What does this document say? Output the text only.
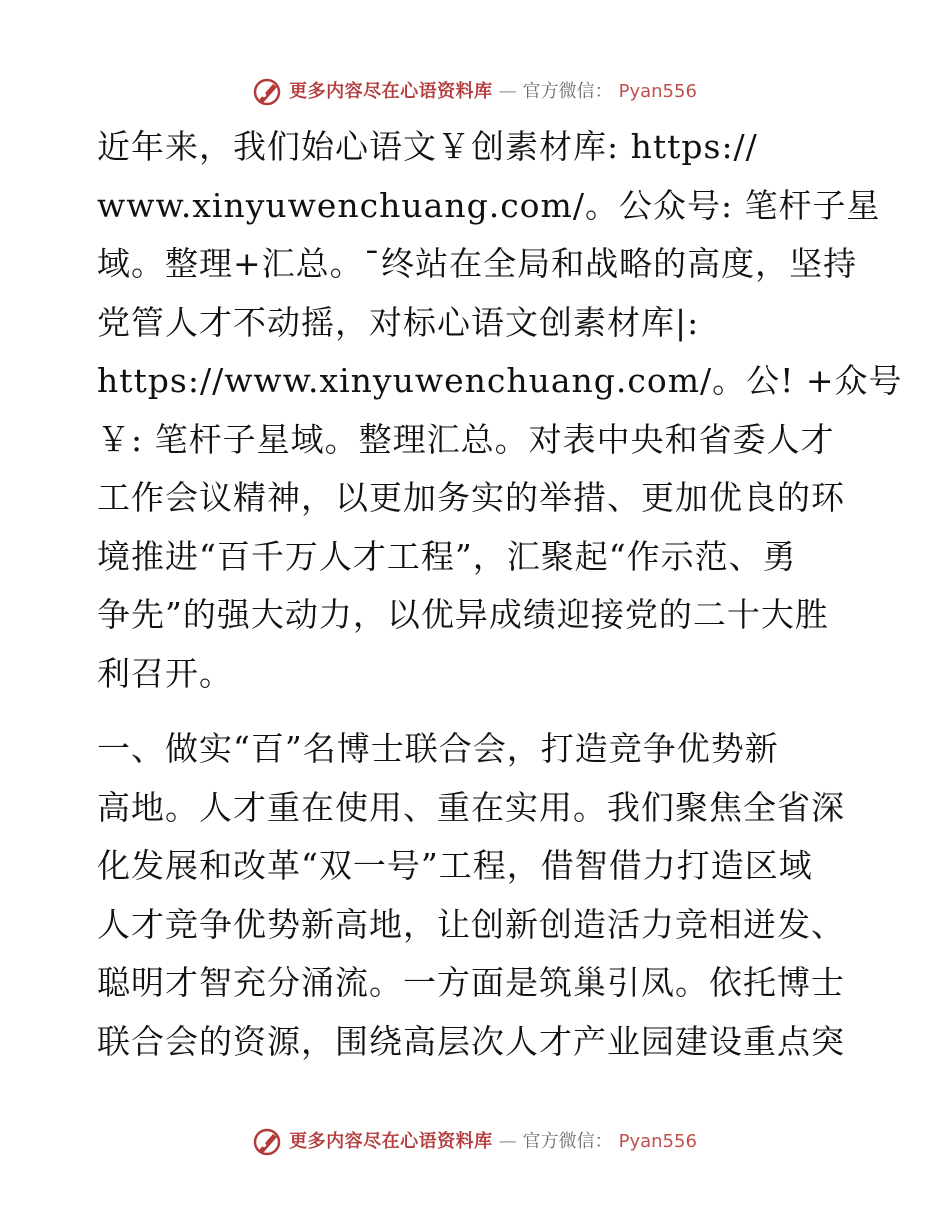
更多内容尽在心语资料库 — 官方微信： Pyan556

近年来，我们始心语文￥创素材库: https://
www.xinyuwenchuang.com/。公众号: 笔杆子星
域。整理+汇总。¯终站在全局和战略的高度，坚持
党管人才不动摇，对标心语文创素材库|:
https://www.xinyuwenchuang.com/。公! +众号
￥: 笔杆子星域。整理汇总。对表中央和省委人才
工作会议精神，以更加务实的举措、更加优良的环
境推进“百千万人才工程”，汇聚起“作示范、勇
争先”的强大动力，以优异成绩迎接党的二十大胜
利召开。

一、做实“百”名博士联合会，打造竞争优势新
高地。人才重在使用、重在实用。我们聚焦全省深
化发展和改革“双一号”工程，借智借力打造区域
人才竞争优势新高地，让创新创造活力竞相迸发、
聪明才智充分涌流。一方面是筑巢引凤。依托博士
联合会的资源，围绕高层次人才产业园建设重点突

更多内容尽在心语资料库 — 官方微信： Pyan556
